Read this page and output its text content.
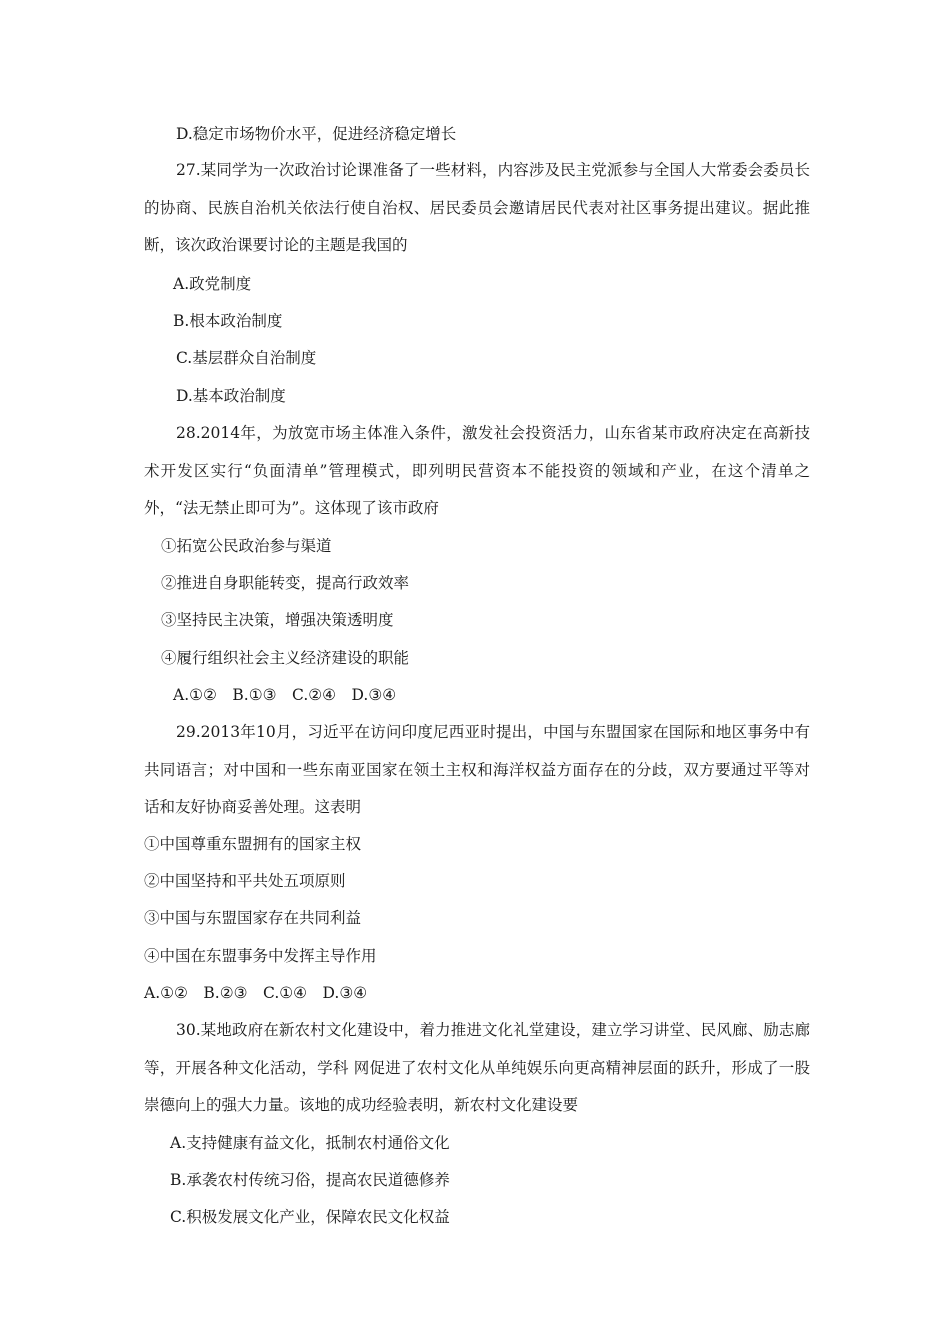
D.稳定市场物价水平，促进经济稳定增长
27.某同学为一次政治讨论课准备了一些材料，内容涉及民主党派参与全国人大常委会委员长的协商、民族自治机关依法行使自治权、居民委员会邀请居民代表对社区事务提出建议。据此推断，该次政治课要讨论的主题是我国的
A.政党制度
B.根本政治制度
C.基层群众自治制度
D.基本政治制度
28.2014年，为放宽市场主体准入条件，激发社会投资活力，山东省某市政府决定在高新技术开发区实行“负面清单”管理模式，即列明民营资本不能投资的领域和产业，在这个清单之外，“法无禁止即可为”。这体现了该市政府
①拓宽公民政治参与渠道
②推进自身职能转变，提高行政效率
③坚持民主决策，增强决策透明度
④履行组织社会主义经济建设的职能
A.①②　B.①③　C.②④　D.③④
29.2013年10月，习近平在访问印度尼西亚时提出，中国与东盟国家在国际和地区事务中有共同语言；对中国和一些东南亚国家在领土主权和海洋权益方面存在的分歧，双方要通过平等对话和友好协商妥善处理。这表明
①中国尊重东盟拥有的国家主权
②中国坚持和平共处五项原则
③中国与东盟国家存在共同利益
④中国在东盟事务中发挥主导作用
A.①②　B.②③　C.①④　D.③④
30.某地政府在新农村文化建设中，着力推进文化礼堂建设，建立学习讲堂、民风廊、励志廊等，开展各种文化活动，学科 网促进了农村文化从单纯娱乐向更高精神层面的跃升，形成了一股崇德向上的强大力量。该地的成功经验表明，新农村文化建设要
A.支持健康有益文化，抵制农村通俗文化
B.承袭农村传统习俗，提高农民道德修养
C.积极发展文化产业，保障农民文化权益
